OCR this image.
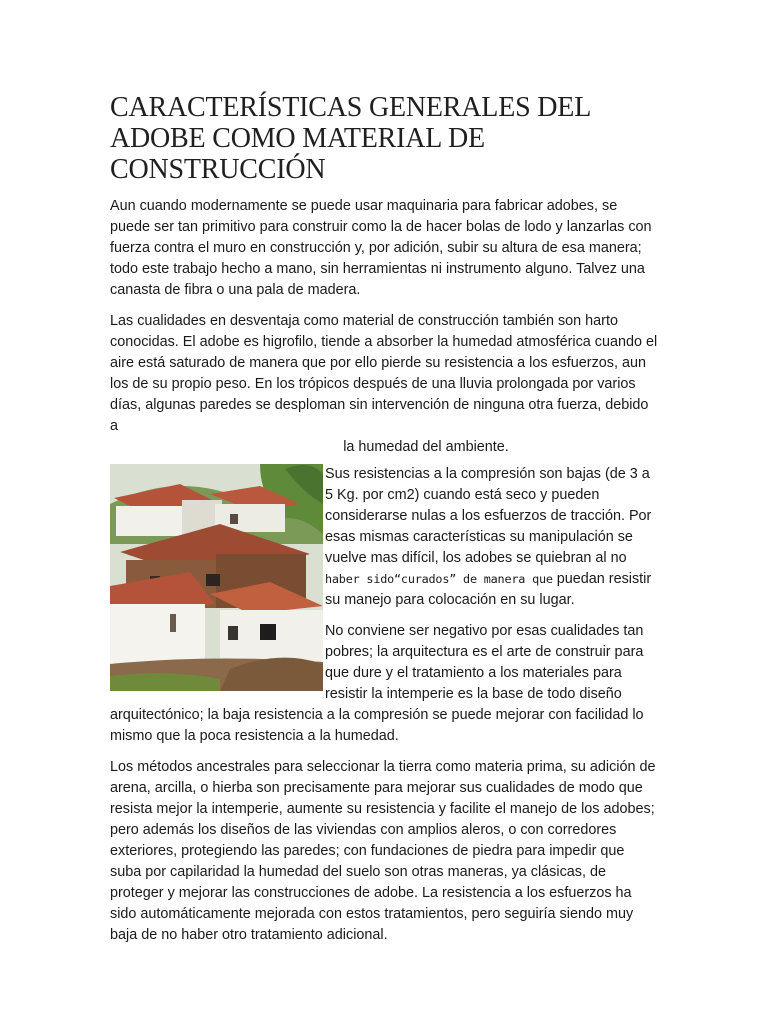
CARACTERÍSTICAS GENERALES DEL ADOBE COMO MATERIAL DE CONSTRUCCIÓN

Aun cuando modernamente se puede usar maquinaria para fabricar adobes, se puede ser tan primitivo para construir como la de hacer bolas de lodo y lanzarlas con fuerza contra el muro en construcción y, por adición, subir su altura de esa manera; todo este trabajo hecho a mano, sin herramientas ni instrumento alguno. Talvez una canasta de fibra o una pala de madera.

Las cualidades en desventaja como material de construcción también son harto conocidas. El adobe es higrofilo, tiende a absorber la humedad atmosférica cuando el aire está saturado de manera que por ello pierde su resistencia a los esfuerzos, aun los de su propio peso. En los trópicos después de una lluvia prolongada por varios días, algunas paredes se desploman sin intervención de ninguna otra fuerza, debido a

la humedad del ambiente.

Sus resistencias a la compresión son bajas (de 3 a 5 Kg. por cm2) cuando está seco y pueden considerarse nulas a los esfuerzos de tracción. Por esas mismas características su manipulación se vuelve mas difícil, los adobes se quiebran al no haber sido“curados” de manera que puedan resistir su manejo para colocación en su lugar.

No conviene ser negativo por esas cualidades tan pobres; la arquitectura es el arte de construir para que dure y el tratamiento a los materiales para resistir la intemperie es la base de todo diseño arquitectónico; la baja resistencia a la compresión se puede mejorar con facilidad lo mismo que la poca resistencia a la humedad.

Los métodos ancestrales para seleccionar la tierra como materia prima, su adición de arena, arcilla, o hierba son precisamente para mejorar sus cualidades de modo que resista mejor la intemperie, aumente su resistencia y facilite el manejo de los adobes; pero además los diseños de las viviendas con amplios aleros, o con corredores exteriores, protegiendo las paredes; con fundaciones de piedra para impedir que suba por capilaridad la humedad del suelo son otras maneras, ya clásicas, de proteger y mejorar las construcciones de adobe. La resistencia a los esfuerzos ha sido automáticamente mejorada con estos tratamientos, pero seguiría siendo muy baja de no haber otro tratamiento adicional.
